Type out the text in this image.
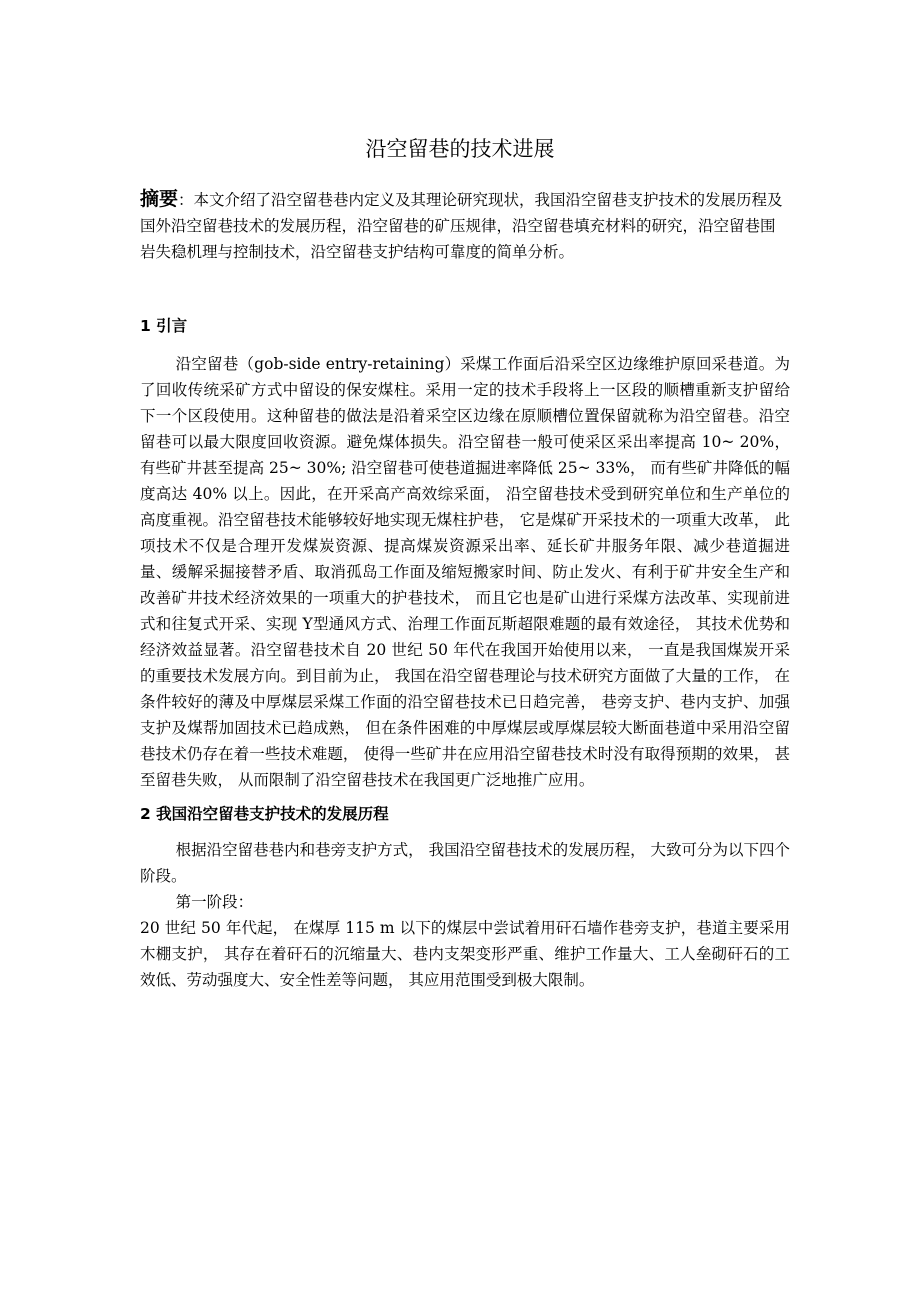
沿空留巷的技术进展

摘要：本文介绍了沿空留巷巷内定义及其理论研究现状，我国沿空留巷支护技术的发展历程及国外沿空留巷技术的发展历程，沿空留巷的矿压规律，沿空留巷填充材料的研究，沿空留巷围岩失稳机理与控制技术，沿空留巷支护结构可靠度的简单分析。

1 引言

沿空留巷（gob-side entry-retaining）采煤工作面后沿采空区边缘维护原回采巷道。为了回收传统采矿方式中留设的保安煤柱。采用一定的技术手段将上一区段的顺槽重新支护留给下一个区段使用。这种留巷的做法是沿着采空区边缘在原顺槽位置保留就称为沿空留巷。沿空留巷可以最大限度回收资源。避免煤体损失。沿空留巷一般可使采区采出率提高 10~ 20%， 有些矿井甚至提高 25~ 30%; 沿空留巷可使巷道掘进率降低 25~ 33%， 而有些矿井降低的幅度高达 40% 以上。因此，在开采高产高效综采面， 沿空留巷技术受到研究单位和生产单位的高度重视。沿空留巷技术能够较好地实现无煤柱护巷， 它是煤矿开采技术的一项重大改革， 此项技术不仅是合理开发煤炭资源、提高煤炭资源采出率、延长矿井服务年限、减少巷道掘进量、缓解采掘接替矛盾、取消孤岛工作面及缩短搬家时间、防止发火、有利于矿井安全生产和改善矿井技术经济效果的一项重大的护巷技术， 而且它也是矿山进行采煤方法改革、实现前进式和往复式开采、实现 Y型通风方式、治理工作面瓦斯超限难题的最有效途径， 其技术优势和经济效益显著。沿空留巷技术自 20 世纪 50 年代在我国开始使用以来， 一直是我国煤炭开采的重要技术发展方向。到目前为止， 我国在沿空留巷理论与技术研究方面做了大量的工作， 在条件较好的薄及中厚煤层采煤工作面的沿空留巷技术已日趋完善， 巷旁支护、巷内支护、加强支护及煤帮加固技术已趋成熟， 但在条件困难的中厚煤层或厚煤层较大断面巷道中采用沿空留巷技术仍存在着一些技术难题， 使得一些矿井在应用沿空留巷技术时没有取得预期的效果， 甚至留巷失败， 从而限制了沿空留巷技术在我国更广泛地推广应用。

2 我国沿空留巷支护技术的发展历程

根据沿空留巷巷内和巷旁支护方式， 我国沿空留巷技术的发展历程， 大致可分为以下四个阶段。

第一阶段：

20 世纪 50 年代起， 在煤厚 115 m 以下的煤层中尝试着用矸石墙作巷旁支护，巷道主要采用木棚支护， 其存在着矸石的沉缩量大、巷内支架变形严重、维护工作量大、工人垒砌矸石的工效低、劳动强度大、安全性差等问题， 其应用范围受到极大限制。
